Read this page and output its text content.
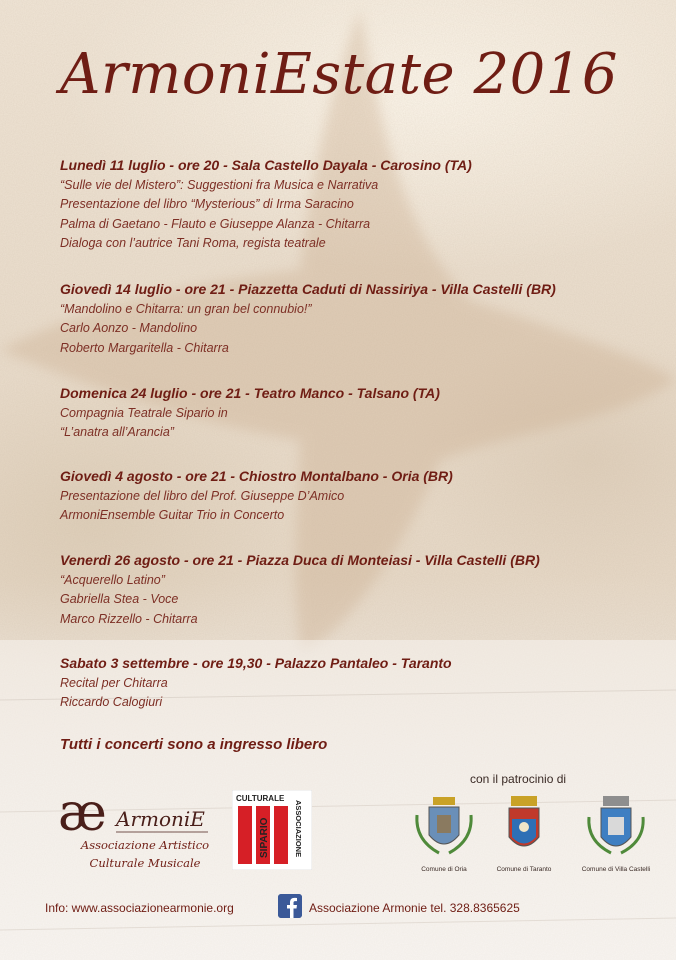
ArmoniEstate 2016
Lunedì 11 luglio - ore 20 - Sala Castello Dayala - Carosino (TA)
“Sulle vie del Mistero”: Suggestioni fra Musica e Narrativa
Presentazione del libro “Mysterious” di Irma Saracino
Palma di Gaetano - Flauto e Giuseppe Alanza - Chitarra
Dialoga con l’autrice Tani Roma, regista teatrale
Giovedì 14 luglio - ore 21 - Piazzetta Caduti di Nassiriya - Villa Castelli (BR)
“Mandolino e Chitarra: un gran bel connubio!”
Carlo Aonzo - Mandolino
Roberto Margaritella - Chitarra
Domenica 24 luglio - ore 21 - Teatro Manco - Talsano (TA)
Compagnia Teatrale Sipario in
“L’anatra all’Arancia”
Giovedì 4 agosto - ore 21 - Chiostro Montalbano - Oria (BR)
Presentazione del libro del Prof. Giuseppe D’Amico
ArmoniEnsemble Guitar Trio in Concerto
Venerdì 26 agosto - ore 21 - Piazza Duca di Monteiasi - Villa Castelli (BR)
“Acquerello Latino”
Gabriella Stea - Voce
Marco Rizzello - Chitarra
Sabato 3 settembre - ore 19,30 - Palazzo Pantaleo - Taranto
Recital per Chitarra
Riccardo Calogiuri
Tutti i concerti sono a ingresso libero
con il patrocinio di
æ ArmoniE
Associazione Artistico
Culturale Musicale
CULTURALE
SIPARIO	ASSOCIAZIONE
Comune di Oria	Comune di Taranto	Comune di Villa Castelli
Info: www.associazionearmonie.org	Associazione Armonie tel. 328.8365625
